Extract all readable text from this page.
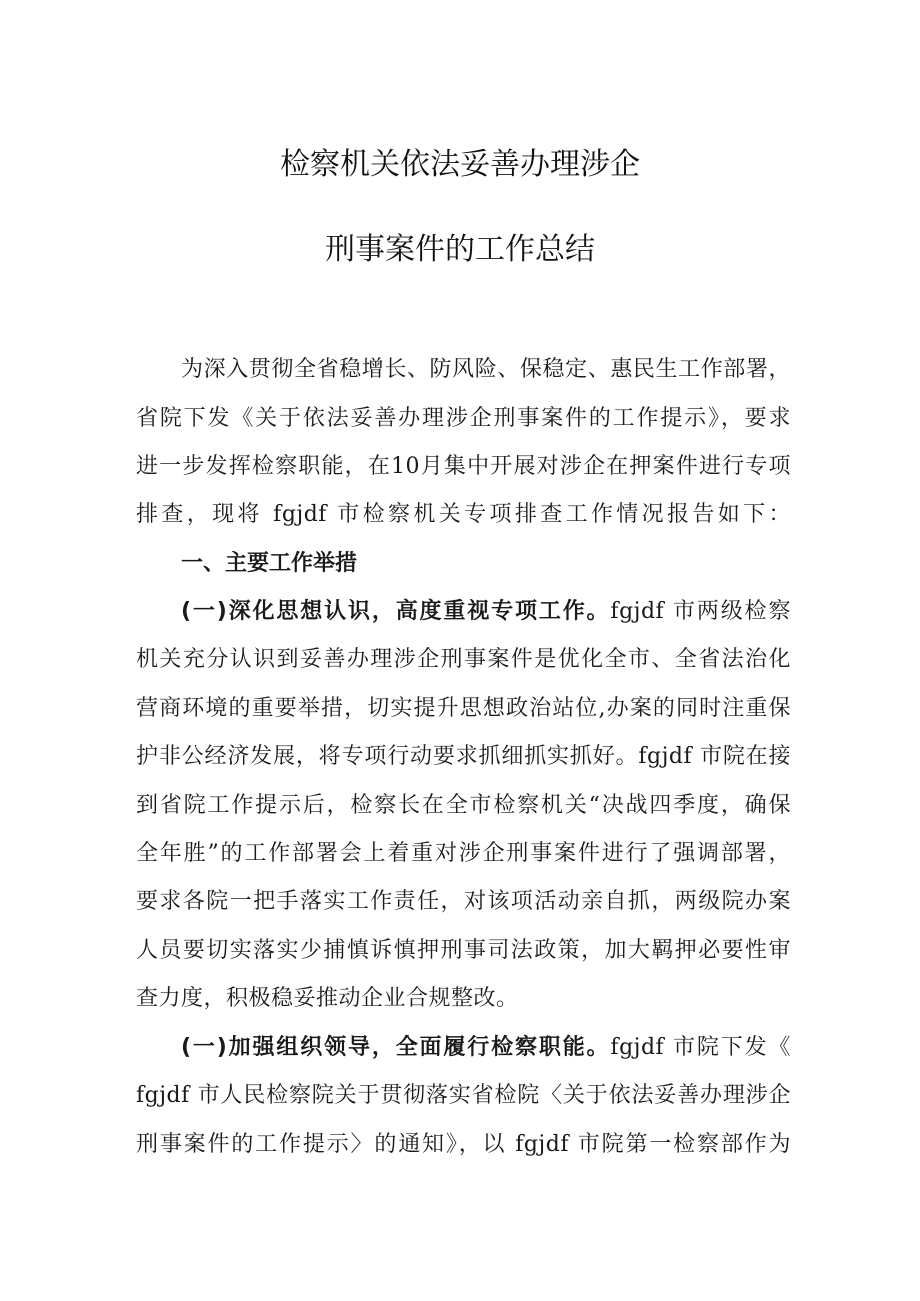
检察机关依法妥善办理涉企
刑事案件的工作总结
为深入贯彻全省稳增长、防风险、保稳定、惠民生工作部署，
省院下发《关于依法妥善办理涉企刑事案件的工作提示》，要求
进一步发挥检察职能，在10月集中开展对涉企在押案件进行专项
排查，现将 fgjdf 市检察机关专项排查工作情况报告如下：
一、主要工作举措
(一)深化思想认识，高度重视专项工作。fgjdf 市两级检察
机关充分认识到妥善办理涉企刑事案件是优化全市、全省法治化
营商环境的重要举措，切实提升思想政治站位,办案的同时注重保
护非公经济发展，将专项行动要求抓细抓实抓好。fgjdf 市院在接
到省院工作提示后，检察长在全市检察机关“决战四季度，确保
全年胜”的工作部署会上着重对涉企刑事案件进行了强调部署，
要求各院一把手落实工作责任，对该项活动亲自抓，两级院办案
人员要切实落实少捕慎诉慎押刑事司法政策，加大羁押必要性审
查力度，积极稳妥推动企业合规整改。
(一)加强组织领导，全面履行检察职能。fgjdf 市院下发《
fgjdf 市人民检察院关于贯彻落实省检院〈关于依法妥善办理涉企
刑事案件的工作提示〉的通知》，以 fgjdf 市院第一检察部作为
